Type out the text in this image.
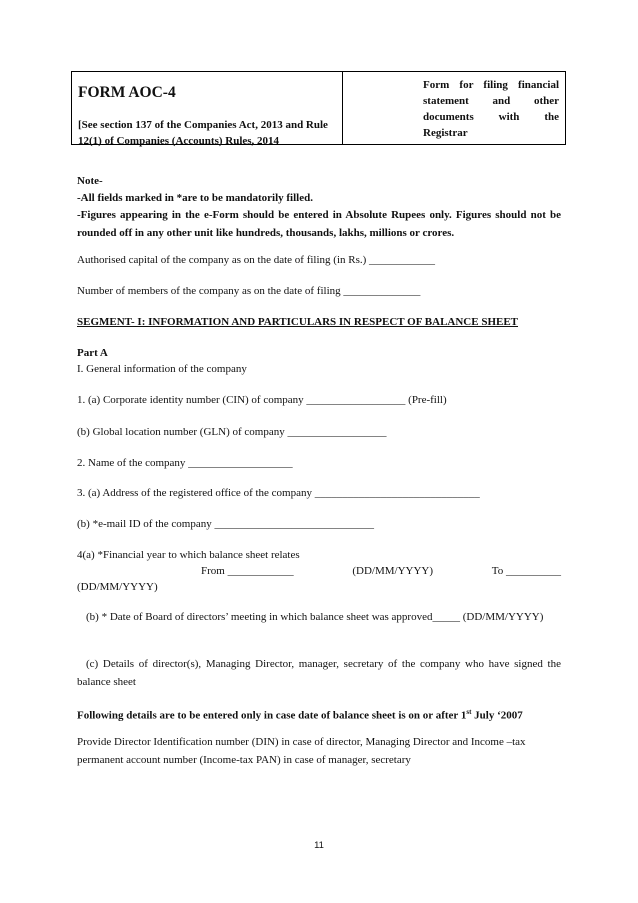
FORM AOC-4
[See section 137 of the Companies Act, 2013 and Rule 12(1) of Companies (Accounts) Rules, 2014
Form for filing financial statement and other documents with the Registrar
Note-
-All fields marked in *are to be mandatorily filled.
-Figures appearing in the e-Form should be entered in Absolute Rupees only. Figures should not be rounded off in any other unit like hundreds, thousands, lakhs, millions or crores.
Authorised capital of the company as on the date of filing (in Rs.) ____________
Number of members of the company as on the date of filing ______________
SEGMENT- I: INFORMATION AND PARTICULARS IN RESPECT OF BALANCE SHEET
Part A
I. General information of the company
1. (a) Corporate identity number (CIN) of company __________________ (Pre-fill)
(b) Global location number (GLN) of company __________________
2. Name of the company ___________________
3. (a) Address of the registered office of the company ______________________________
(b) *e-mail ID of the company _____________________________
4(a) *Financial year to which balance sheet relates
From ____________	(DD/MM/YYYY)	To __________
(DD/MM/YYYY)
(b) * Date of Board of directors’ meeting in which balance sheet was approved_____ (DD/MM/YYYY)
(c) Details of director(s), Managing Director, manager, secretary of the company who have signed the balance sheet
Following details are to be entered only in case date of balance sheet is on or after 1st July ‘2007
Provide Director Identification number (DIN) in case of director, Managing Director and Income –tax permanent account number (Income-tax PAN) in case of manager, secretary
11
